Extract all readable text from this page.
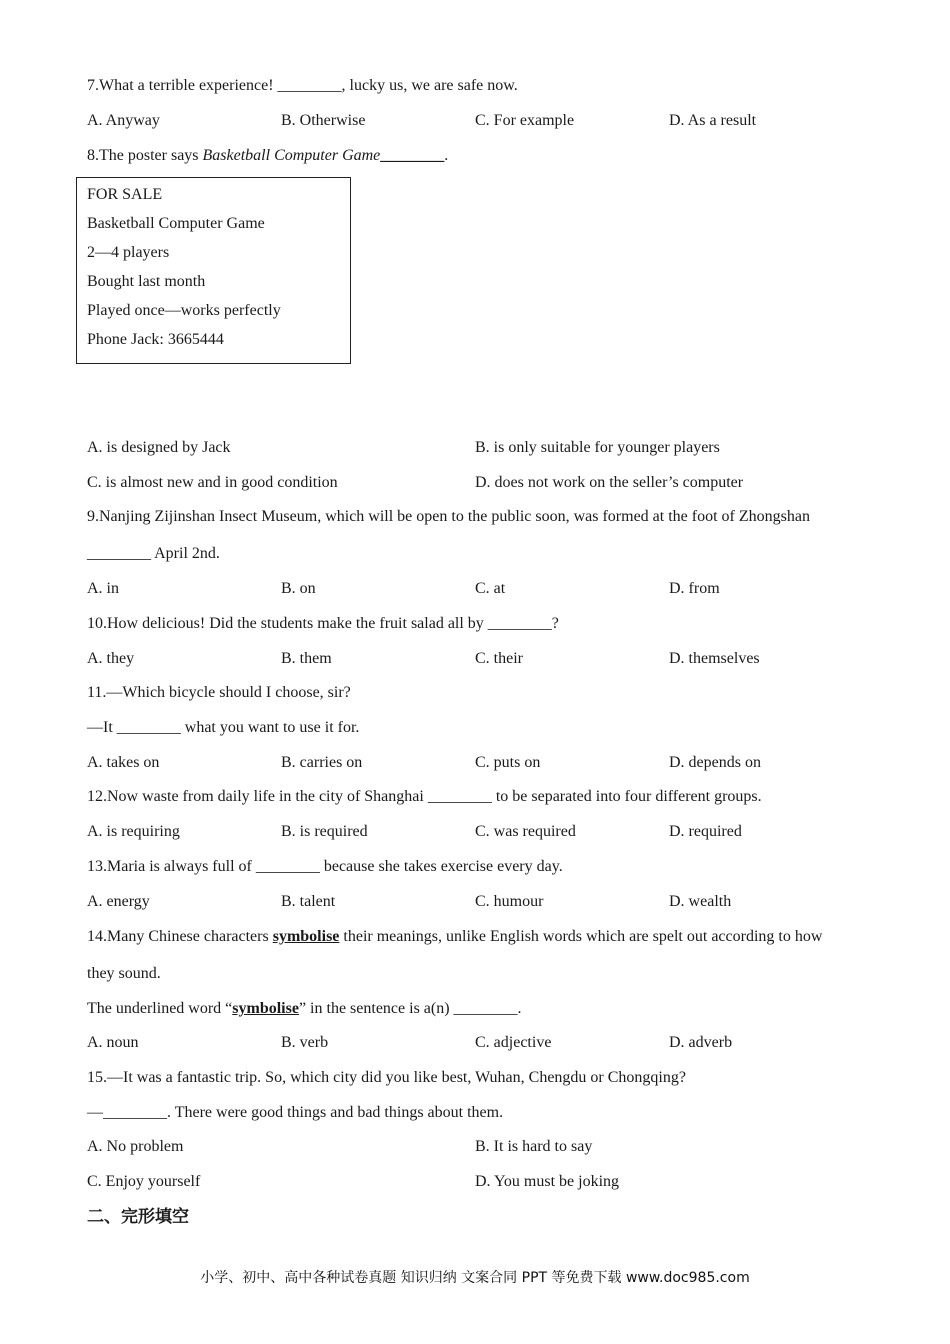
7.What a terrible experience! ________, lucky us, we are safe now.
A. Anyway	B. Otherwise	C. For example	D. As a result
8.The poster says Basketball Computer Game________.
FOR SALE
Basketball Computer Game
2—4 players
Bought last month
Played once—works perfectly
Phone Jack: 3665444
A. is designed by Jack	B. is only suitable for younger players
C. is almost new and in good condition	D. does not work on the seller’s computer
9.Nanjing Zijinshan Insect Museum, which will be open to the public soon, was formed at the foot of Zhongshan
________ April 2nd.
A. in	B. on	C. at	D. from
10.How delicious! Did the students make the fruit salad all by ________?
A. they	B. them	C. their	D. themselves
11.—Which bicycle should I choose, sir?
—It ________ what you want to use it for.
A. takes on	B. carries on	C. puts on	D. depends on
12.Now waste from daily life in the city of Shanghai ________ to be separated into four different groups.
A. is requiring	B. is required	C. was required	D. required
13.Maria is always full of ________ because she takes exercise every day.
A. energy	B. talent	C. humour	D. wealth
14.Many Chinese characters symbolise their meanings, unlike English words which are spelt out according to how
they sound.
The underlined word “symbolise” in the sentence is a(n) ________.
A. noun	B. verb	C. adjective	D. adverb
15.—It was a fantastic trip. So, which city did you like best, Wuhan, Chengdu or Chongqing?
—________. There were good things and bad things about them.
A. No problem	B. It is hard to say
C. Enjoy yourself	D. You must be joking
二、完形填空
小学、初中、高中各种试卷真题 知识归纳 文案合同 PPT 等免费下载 www.doc985.com
